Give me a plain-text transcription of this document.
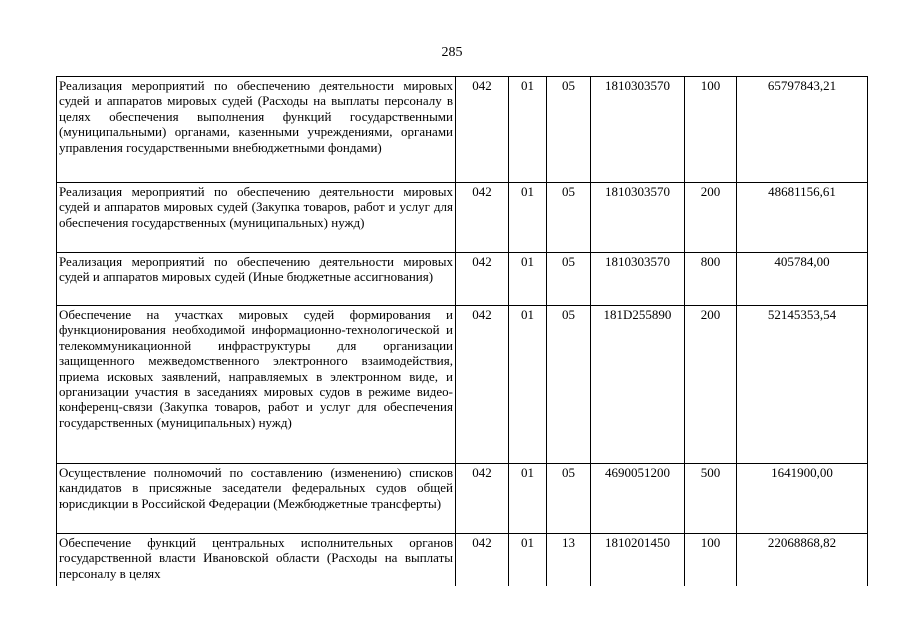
285
Реализация мероприятий по обеспечению деятельности мировых судей и аппаратов мировых судей (Расходы на выплаты персоналу в целях обеспечения выполнения функций государственными (муниципальными) органами, казенными учреждениями, органами управления государственными внебюджетными фондами)	042	01	05	1810303570	100	65797843,21
Реализация мероприятий по обеспечению деятельности мировых судей и аппаратов мировых судей (Закупка товаров, работ и услуг для обеспечения государственных (муниципальных) нужд)	042	01	05	1810303570	200	48681156,61
Реализация мероприятий по обеспечению деятельности мировых судей и аппаратов мировых судей (Иные бюджетные ассигнования)	042	01	05	1810303570	800	405784,00
Обеспечение на участках мировых судей формирования и функционирования необходимой информационно-технологической и телекоммуникационной инфраструктуры для организации защищенного межведомственного электронного взаимодействия, приема исковых заявлений, направляемых в электронном виде, и организации участия в заседаниях мировых судов в режиме видео-конференц-связи (Закупка товаров, работ и услуг для обеспечения государственных (муниципальных) нужд)	042	01	05	181D255890	200	52145353,54
Осуществление полномочий по составлению (изменению) списков кандидатов в присяжные заседатели федеральных судов общей юрисдикции в Российской Федерации (Межбюджетные трансферты)	042	01	05	4690051200	500	1641900,00
Обеспечение функций центральных исполнительных органов государственной власти Ивановской области (Расходы на выплаты персоналу в целях	042	01	13	1810201450	100	22068868,82
